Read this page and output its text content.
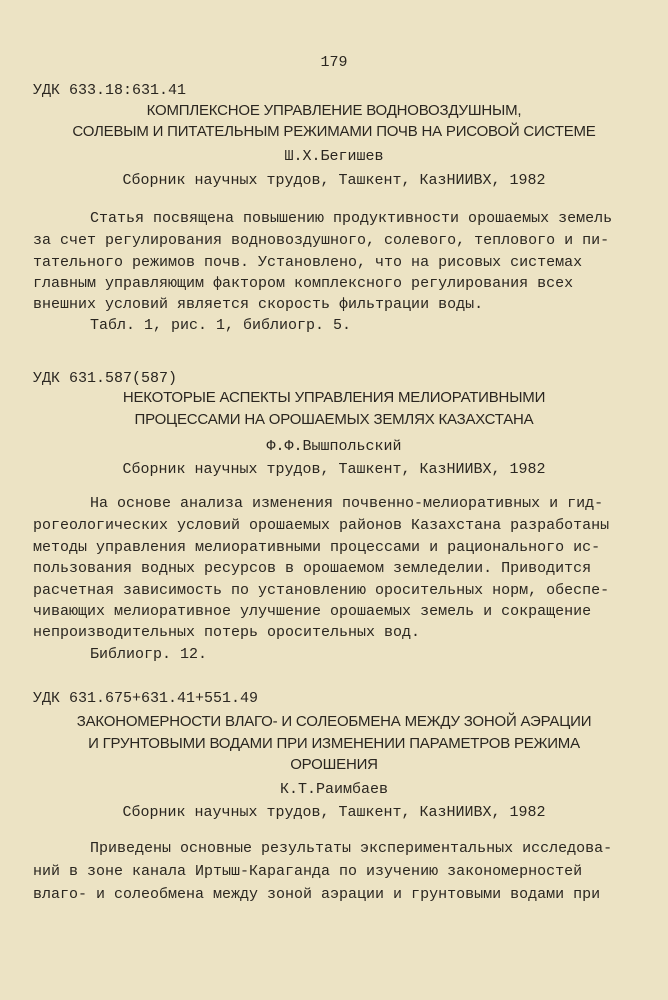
179
УДК 633.18:631.41
КОМПЛЕКСНОЕ УПРАВЛЕНИЕ ВОДНОВОЗДУШНЫМ,
СОЛЕВЫМ И ПИТАТЕЛЬНЫМ РЕЖИМАМИ ПОЧВ НА РИСОВОЙ СИСТЕМЕ
Ш.Х.Бегишев
Сборник научных трудов, Ташкент, КазНИИВХ, 1982
Статья посвящена повышению продуктивности орошаемых земель
за счет регулирования водновоздушного, солевого, теплового и пи-
тательного режимов почв. Установлено, что на рисовых системах
главным управляющим фактором комплексного регулирования всех
внешних условий является скорость фильтрации воды.
Табл. 1, рис. 1, библиогр. 5.
УДК 631.587(587)
НЕКОТОРЫЕ АСПЕКТЫ УПРАВЛЕНИЯ МЕЛИОРАТИВНЫМИ
ПРОЦЕССАМИ НА ОРОШАЕМЫХ ЗЕМЛЯХ КАЗАХСТАНА
Ф.Ф.Вышпольский
Сборник научных трудов, Ташкент, КазНИИВХ, 1982
На основе анализа изменения почвенно-мелиоративных и гид-
рогеологических условий орошаемых районов Казахстана разработаны
методы управления мелиоративными процессами и рационального ис-
пользования водных ресурсов в орошаемом земледелии. Приводится
расчетная зависимость по установлению оросительных норм, обеспе-
чивающих мелиоративное улучшение орошаемых земель и сокращение
непроизводительных потерь оросительных вод.
Библиогр. 12.
УДК 631.675+631.41+551.49
ЗАКОНОМЕРНОСТИ ВЛАГО- И СОЛЕОБМЕНА МЕЖДУ ЗОНОЙ АЭРАЦИИ
И ГРУНТОВЫМИ ВОДАМИ ПРИ ИЗМЕНЕНИИ ПАРАМЕТРОВ РЕЖИМА
ОРОШЕНИЯ
К.Т.Раимбаев
Сборник научных трудов, Ташкент, КазНИИВХ, 1982
Приведены основные результаты экспериментальных исследова-
ний в зоне канала Иртыш-Караганда по изучению закономерностей
влаго- и солеобмена между зоной аэрации и грунтовыми водами при
